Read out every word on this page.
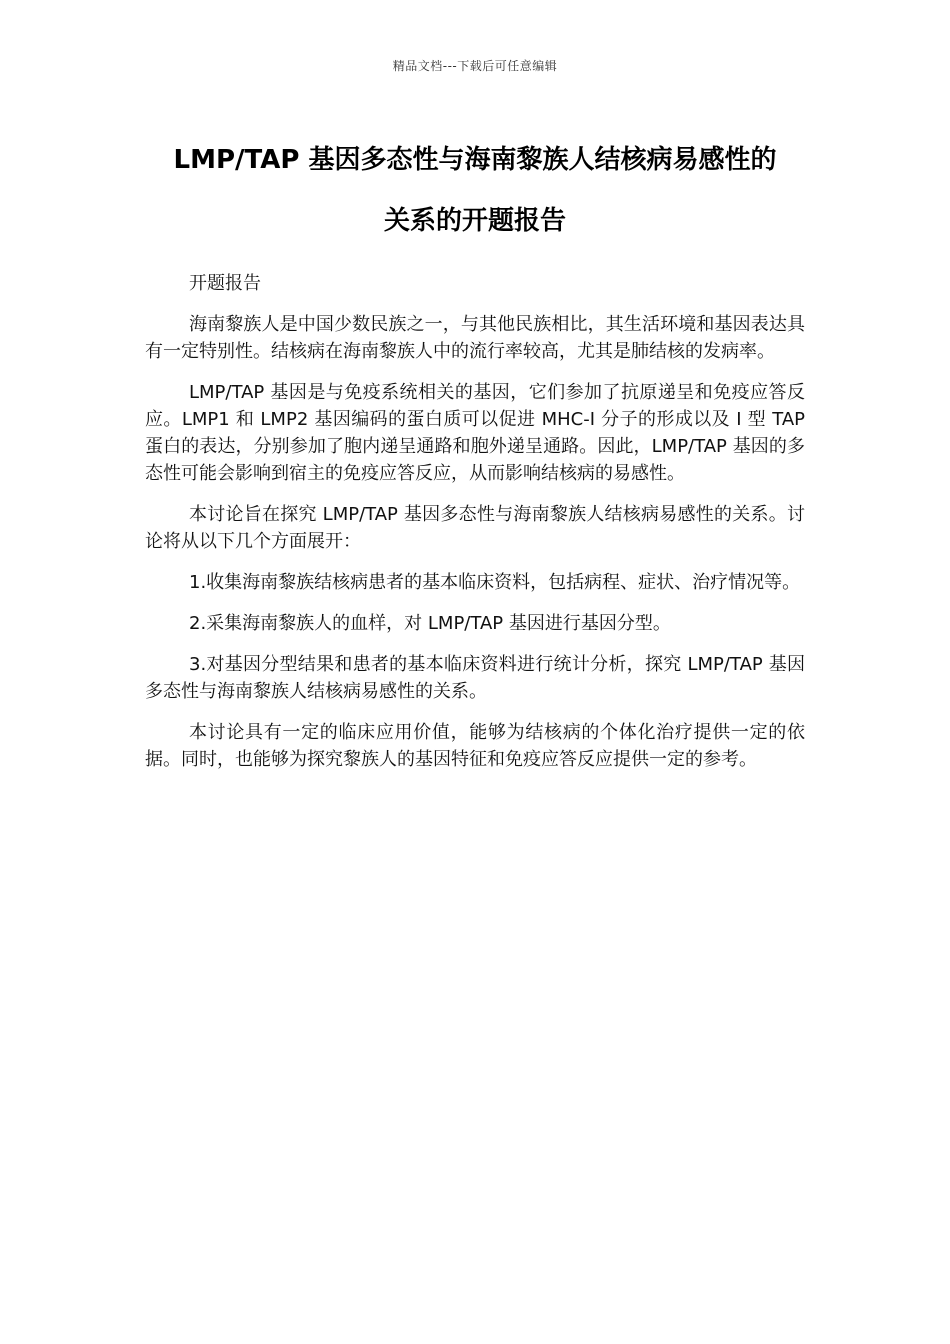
精品文档---下载后可任意编辑
LMP/TAP 基因多态性与海南黎族人结核病易感性的
关系的开题报告

开题报告

海南黎族人是中国少数民族之一，与其他民族相比，其生活环境和基因表达具有一定特别性。结核病在海南黎族人中的流行率较高，尤其是肺结核的发病率。

LMP/TAP 基因是与免疫系统相关的基因，它们参加了抗原递呈和免疫应答反应。LMP1 和 LMP2 基因编码的蛋白质可以促进 MHC-I 分子的形成以及 I 型 TAP 蛋白的表达，分别参加了胞内递呈通路和胞外递呈通路。因此，LMP/TAP 基因的多态性可能会影响到宿主的免疫应答反应，从而影响结核病的易感性。

本讨论旨在探究 LMP/TAP 基因多态性与海南黎族人结核病易感性的关系。讨论将从以下几个方面展开：

1.收集海南黎族结核病患者的基本临床资料，包括病程、症状、治疗情况等。

2.采集海南黎族人的血样，对 LMP/TAP 基因进行基因分型。

3.对基因分型结果和患者的基本临床资料进行统计分析，探究 LMP/TAP 基因多态性与海南黎族人结核病易感性的关系。

本讨论具有一定的临床应用价值，能够为结核病的个体化治疗提供一定的依据。同时，也能够为探究黎族人的基因特征和免疫应答反应提供一定的参考。
